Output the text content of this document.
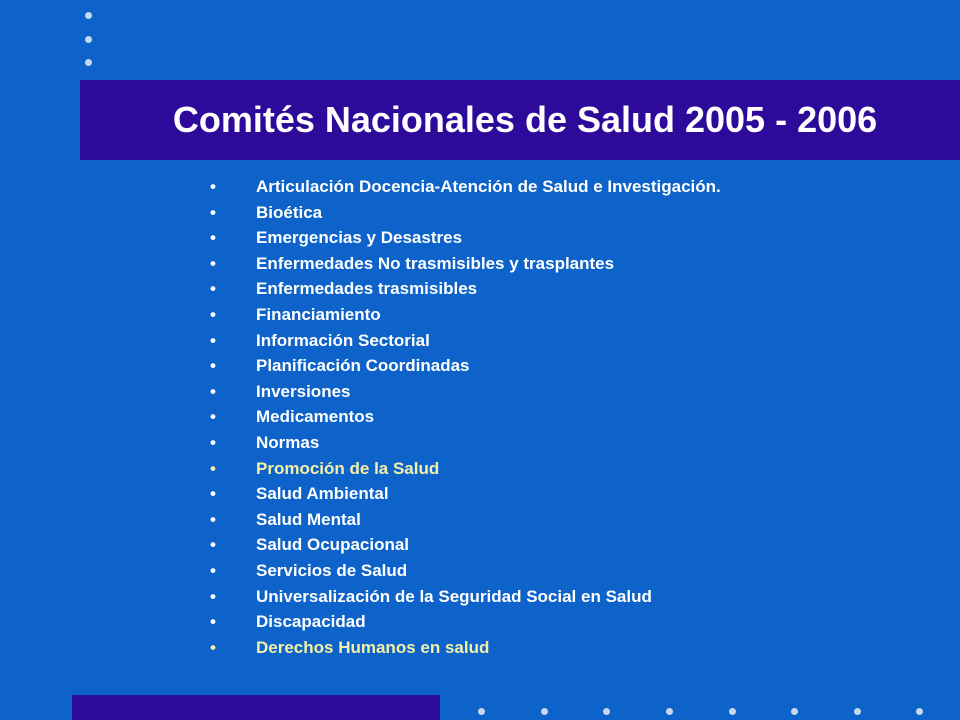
Comités Nacionales de Salud 2005 - 2006
•	Articulación Docencia-Atención de Salud e Investigación.
•	Bioética
•	Emergencias y Desastres
•	Enfermedades No trasmisibles y trasplantes
•	Enfermedades trasmisibles
•	Financiamiento
•	Información Sectorial
•	Planificación Coordinadas
•	Inversiones
•	Medicamentos
•	Normas
•	Promoción de la Salud
•	Salud Ambiental
•	Salud Mental
•	Salud Ocupacional
•	Servicios de Salud
•	Universalización de la Seguridad Social en Salud
•	Discapacidad
•	Derechos Humanos en salud
